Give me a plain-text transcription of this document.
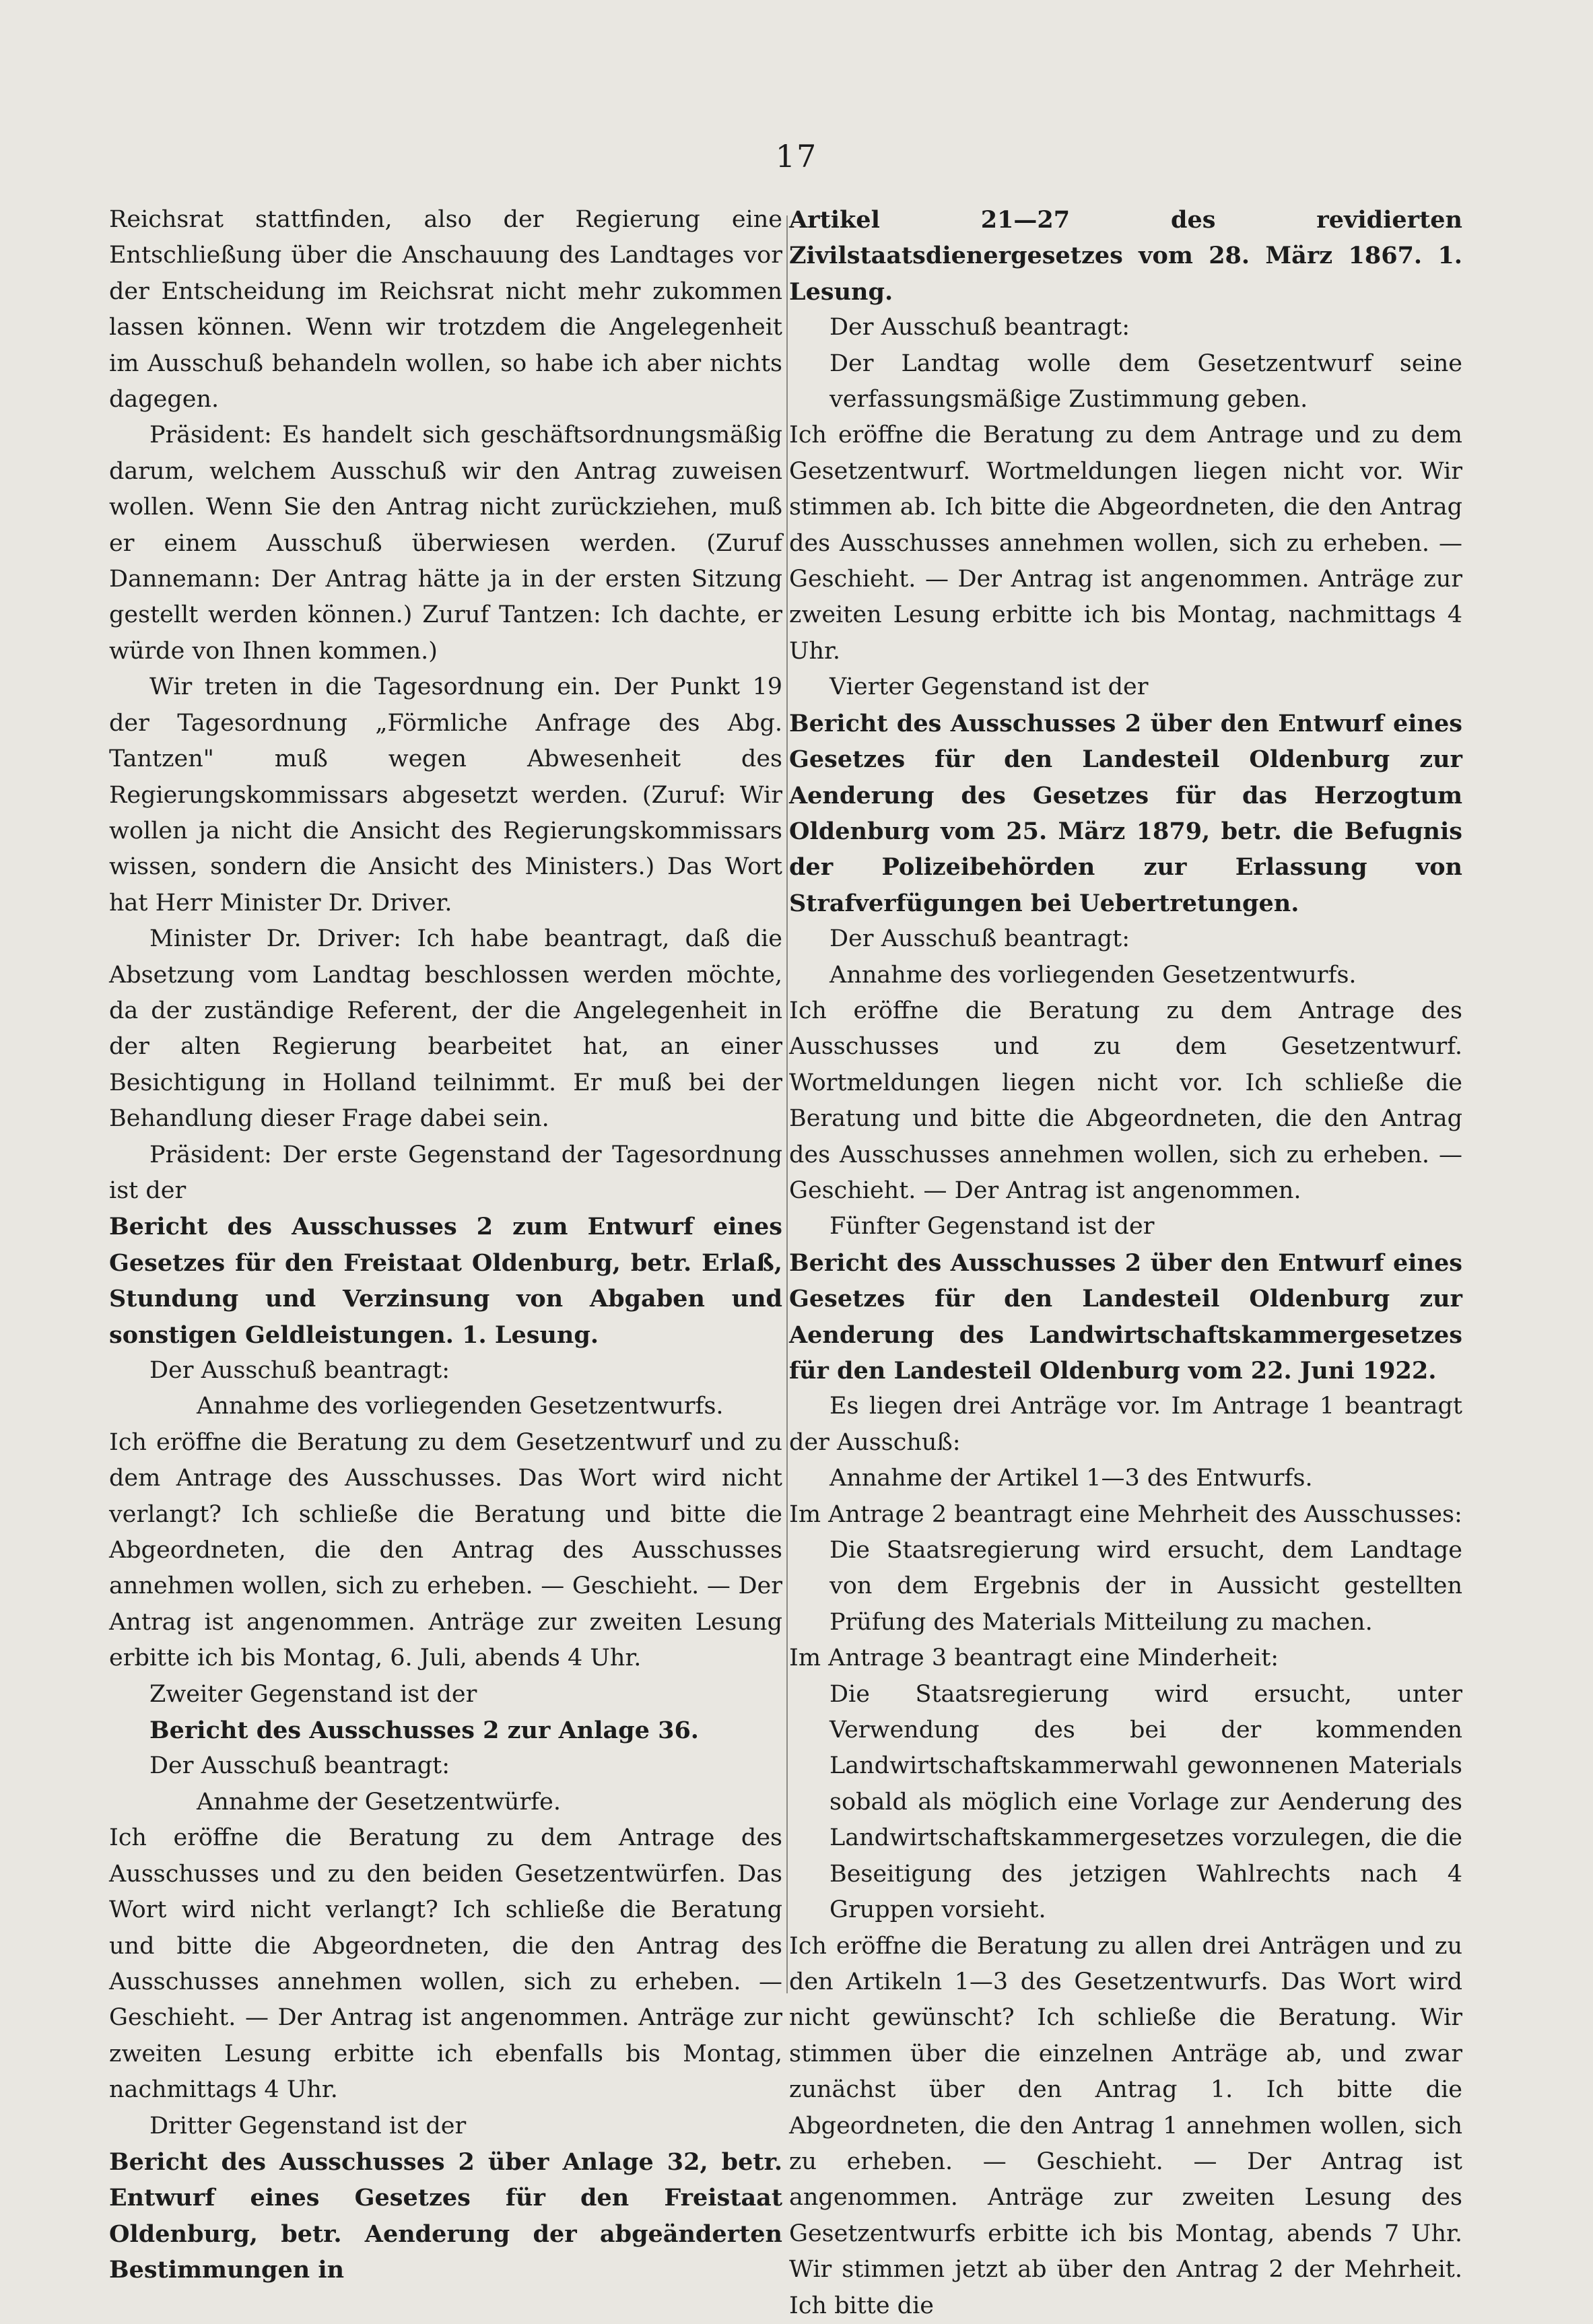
17

Reichsrat stattfinden, also der Regierung eine Entschließung über die Anschauung des Landtages vor der Entscheidung im Reichsrat nicht mehr zukommen lassen können. Wenn wir trotzdem die Angelegenheit im Ausschuß behandeln wollen, so habe ich aber nichts dagegen.

Präsident: Es handelt sich geschäftsordnungsmäßig darum, welchem Ausschuß wir den Antrag zuweisen wollen. Wenn Sie den Antrag nicht zurückziehen, muß er einem Ausschuß überwiesen werden. (Zuruf Dannemann: Der Antrag hätte ja in der ersten Sitzung gestellt werden können.) Zuruf Tantzen: Ich dachte, er würde von Ihnen kommen.)

Wir treten in die Tagesordnung ein. Der Punkt 19 der Tagesordnung „Förmliche Anfrage des Abg. Tantzen" muß wegen Abwesenheit des Regierungskommissars abgesetzt werden. (Zuruf: Wir wollen ja nicht die Ansicht des Regierungskommissars wissen, sondern die Ansicht des Ministers.) Das Wort hat Herr Minister Dr. Driver.

Minister Dr. Driver: Ich habe beantragt, daß die Absetzung vom Landtag beschlossen werden möchte, da der zuständige Referent, der die Angelegenheit in der alten Regierung bearbeitet hat, an einer Besichtigung in Holland teilnimmt. Er muß bei der Behandlung dieser Frage dabei sein.

Präsident: Der erste Gegenstand der Tagesordnung ist der

Bericht des Ausschusses 2 zum Entwurf eines Gesetzes für den Freistaat Oldenburg, betr. Erlaß, Stundung und Verzinsung von Abgaben und sonstigen Geldleistungen. 1. Lesung.

Der Ausschuß beantragt:

Annahme des vorliegenden Gesetzentwurfs.

Ich eröffne die Beratung zu dem Gesetzentwurf und zu dem Antrage des Ausschusses. Das Wort wird nicht verlangt? Ich schließe die Beratung und bitte die Abgeordneten, die den Antrag des Ausschusses annehmen wollen, sich zu erheben. — Geschieht. — Der Antrag ist angenommen. Anträge zur zweiten Lesung erbitte ich bis Montag, 6. Juli, abends 4 Uhr.

Zweiter Gegenstand ist der

Bericht des Ausschusses 2 zur Anlage 36.

Der Ausschuß beantragt:

Annahme der Gesetzentwürfe.

Ich eröffne die Beratung zu dem Antrage des Ausschusses und zu den beiden Gesetzentwürfen. Das Wort wird nicht verlangt? Ich schließe die Beratung und bitte die Abgeordneten, die den Antrag des Ausschusses annehmen wollen, sich zu erheben. — Geschieht. — Der Antrag ist angenommen. Anträge zur zweiten Lesung erbitte ich ebenfalls bis Montag, nachmittags 4 Uhr.

Dritter Gegenstand ist der

Bericht des Ausschusses 2 über Anlage 32, betr. Entwurf eines Gesetzes für den Freistaat Oldenburg, betr. Aenderung der abgeänderten Bestimmungen in

Artikel 21—27 des revidierten Zivilstaatsdienergesetzes vom 28. März 1867. 1. Lesung.

Der Ausschuß beantragt:

Der Landtag wolle dem Gesetzentwurf seine verfassungsmäßige Zustimmung geben.

Ich eröffne die Beratung zu dem Antrage und zu dem Gesetzentwurf. Wortmeldungen liegen nicht vor. Wir stimmen ab. Ich bitte die Abgeordneten, die den Antrag des Ausschusses annehmen wollen, sich zu erheben. — Geschieht. — Der Antrag ist angenommen. Anträge zur zweiten Lesung erbitte ich bis Montag, nachmittags 4 Uhr.

Vierter Gegenstand ist der

Bericht des Ausschusses 2 über den Entwurf eines Gesetzes für den Landesteil Oldenburg zur Aenderung des Gesetzes für das Herzogtum Oldenburg vom 25. März 1879, betr. die Befugnis der Polizeibehörden zur Erlassung von Strafverfügungen bei Uebertretungen.

Der Ausschuß beantragt:

Annahme des vorliegenden Gesetzentwurfs.

Ich eröffne die Beratung zu dem Antrage des Ausschusses und zu dem Gesetzentwurf. Wortmeldungen liegen nicht vor. Ich schließe die Beratung und bitte die Abgeordneten, die den Antrag des Ausschusses annehmen wollen, sich zu erheben. — Geschieht. — Der Antrag ist angenommen.

Fünfter Gegenstand ist der

Bericht des Ausschusses 2 über den Entwurf eines Gesetzes für den Landesteil Oldenburg zur Aenderung des Landwirtschaftskammergesetzes für den Landesteil Oldenburg vom 22. Juni 1922.

Es liegen drei Anträge vor. Im Antrage 1 beantragt der Ausschuß:

Annahme der Artikel 1—3 des Entwurfs.

Im Antrage 2 beantragt eine Mehrheit des Ausschusses:

Die Staatsregierung wird ersucht, dem Landtage von dem Ergebnis der in Aussicht gestellten Prüfung des Materials Mitteilung zu machen.

Im Antrage 3 beantragt eine Minderheit:

Die Staatsregierung wird ersucht, unter Verwendung des bei der kommenden Landwirtschaftskammerwahl gewonnenen Materials sobald als möglich eine Vorlage zur Aenderung des Landwirtschaftskammergesetzes vorzulegen, die die Beseitigung des jetzigen Wahlrechts nach 4 Gruppen vorsieht.

Ich eröffne die Beratung zu allen drei Anträgen und zu den Artikeln 1—3 des Gesetzentwurfs. Das Wort wird nicht gewünscht? Ich schließe die Beratung. Wir stimmen über die einzelnen Anträge ab, und zwar zunächst über den Antrag 1. Ich bitte die Abgeordneten, die den Antrag 1 annehmen wollen, sich zu erheben. — Geschieht. — Der Antrag ist angenommen. Anträge zur zweiten Lesung des Gesetzentwurfs erbitte ich bis Montag, abends 7 Uhr. Wir stimmen jetzt ab über den Antrag 2 der Mehrheit. Ich bitte die
